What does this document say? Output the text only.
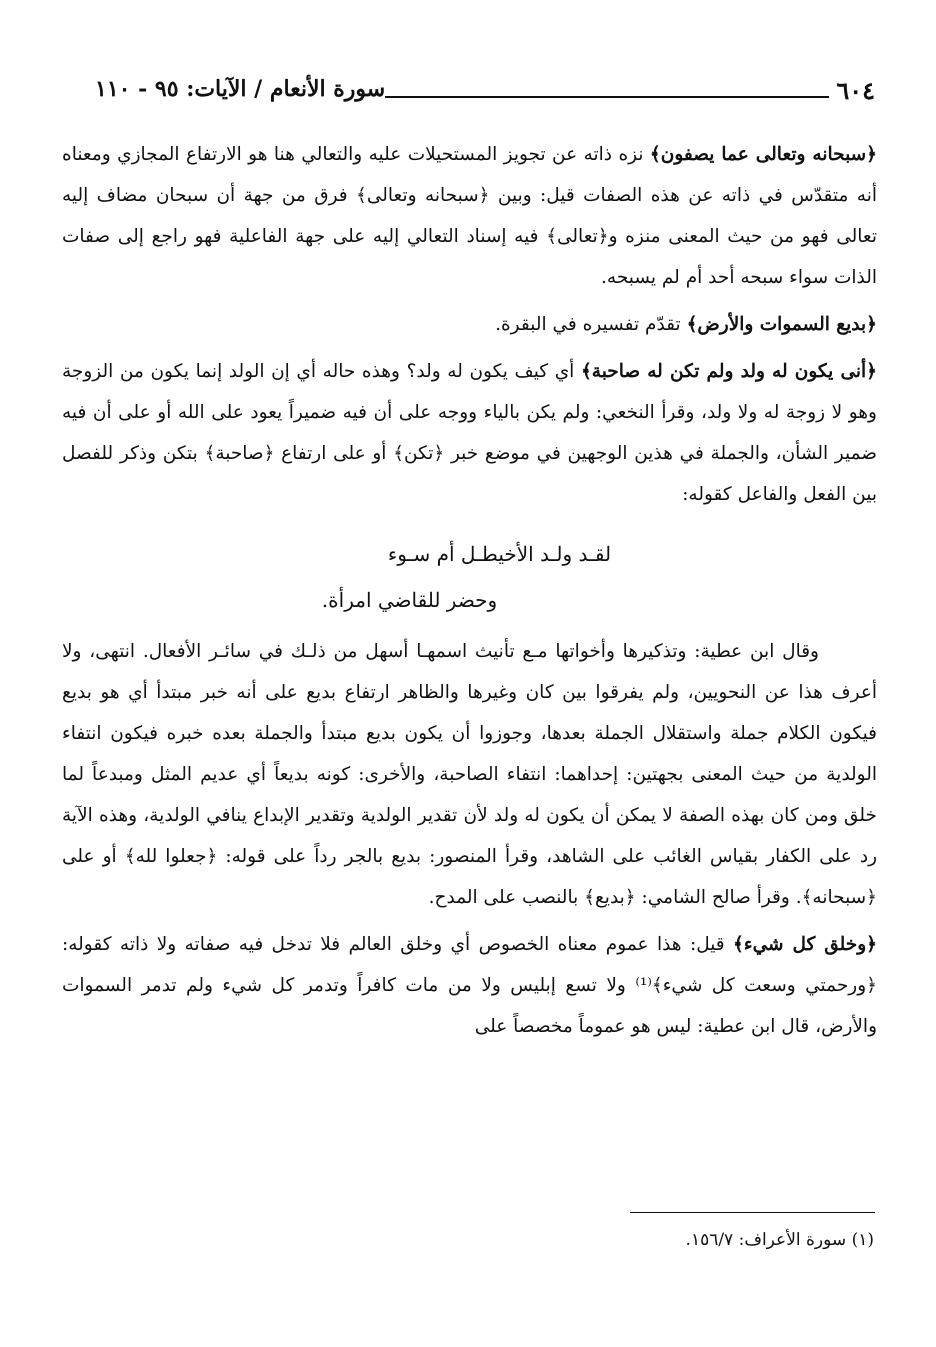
٦٠٤
سورة الأنعام / الآيات: ٩٥ - ١١٠

﴿سبحانه وتعالى عما يصفون﴾ نزه ذاته عن تجويز المستحيلات عليه والتعالي هنا هو الارتفاع المجازي ومعناه أنه متقدّس في ذاته عن هذه الصفات قيل: وبين ﴿سبحانه وتعالى﴾ فرق من جهة أن سبحان مضاف إليه تعالى فهو من حيث المعنى منزه و﴿تعالى﴾ فيه إسناد التعالي إليه على جهة الفاعلية فهو راجع إلى صفات الذات سواء سبحه أحد أم لم يسبحه.

﴿بديع السموات والأرض﴾ تقدّم تفسيره في البقرة.

﴿أنى يكون له ولد ولم تكن له صاحبة﴾ أي كيف يكون له ولد؟ وهذه حاله أي إن الولد إنما يكون من الزوجة وهو لا زوجة له ولا ولد، وقرأ النخعي: ولم يكن بالياء ووجه على أن فيه ضميراً يعود على الله أو على أن فيه ضمير الشأن، والجملة في هذين الوجهين في موضع خبر ﴿تكن﴾ أو على ارتفاع ﴿صاحبة﴾ بتكن وذكر للفصل بين الفعل والفاعل كقوله:

لقـد ولـد الأخيطـل أم سـوء
وحضر للقاضي امرأة.

وقال ابن عطية: وتذكيرها وأخواتها مـع تأنيث اسمهـا أسهل من ذلـك في سائـر الأفعال. انتهى، ولا أعرف هذا عن النحويين، ولم يفرقوا بين كان وغيرها والظاهر ارتفاع بديع على أنه خبر مبتدأ أي هو بديع فيكون الكلام جملة واستقلال الجملة بعدها، وجوزوا أن يكون بديع مبتدأ والجملة بعده خبره فيكون انتفاء الولدية من حيث المعنى بجهتين: إحداهما: انتفاء الصاحبة، والأخرى: كونه بديعاً أي عديم المثل ومبدعاً لما خلق ومن كان بهذه الصفة لا يمكن أن يكون له ولد لأن تقدير الولدية وتقدير الإبداع ينافي الولدية، وهذه الآية رد على الكفار بقياس الغائب على الشاهد، وقرأ المنصور: بديع بالجر رداً على قوله: ﴿جعلوا لله﴾ أو على ﴿سبحانه﴾. وقرأ صالح الشامي: ﴿بديع﴾ بالنصب على المدح.

﴿وخلق كل شيء﴾ قيل: هذا عموم معناه الخصوص أي وخلق العالم فلا تدخل فيه صفاته ولا ذاته كقوله: ﴿ورحمتي وسعت كل شيء﴾⁽¹⁾ ولا تسع إبليس ولا من مات كافراً وتدمر كل شيء ولم تدمر السموات والأرض، قال ابن عطية: ليس هو عموماً مخصصاً على

(١) سورة الأعراف: ١٥٦/٧.
